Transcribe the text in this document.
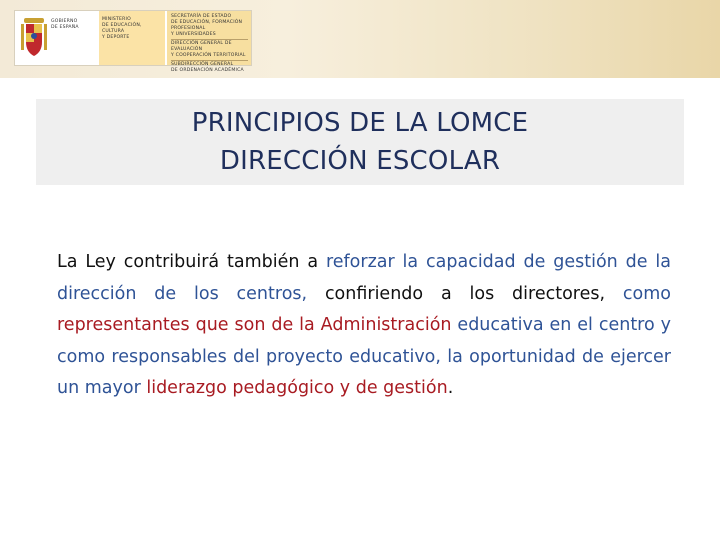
GOBIERNO
DE ESPAÑA
MINISTERIO
DE EDUCACIÓN, CULTURA
Y DEPORTE
SECRETARÍA DE ESTADO
DE EDUCACIÓN, FORMACIÓN PROFESIONAL
Y UNIVERSIDADES
DIRECCIÓN GENERAL DE EVALUACIÓN
Y COOPERACIÓN TERRITORIAL
SUBDIRECCIÓN GENERAL
DE ORDENACIÓN ACADÉMICA
PRINCIPIOS DE LA LOMCE
DIRECCIÓN ESCOLAR
La Ley contribuirá también a reforzar la capacidad de gestión de la dirección de los centros, confiriendo a los directores, como representantes que son de la Administración educativa en el centro y como responsables del proyecto educativo, la oportunidad de ejercer un mayor liderazgo pedagógico y de gestión.
